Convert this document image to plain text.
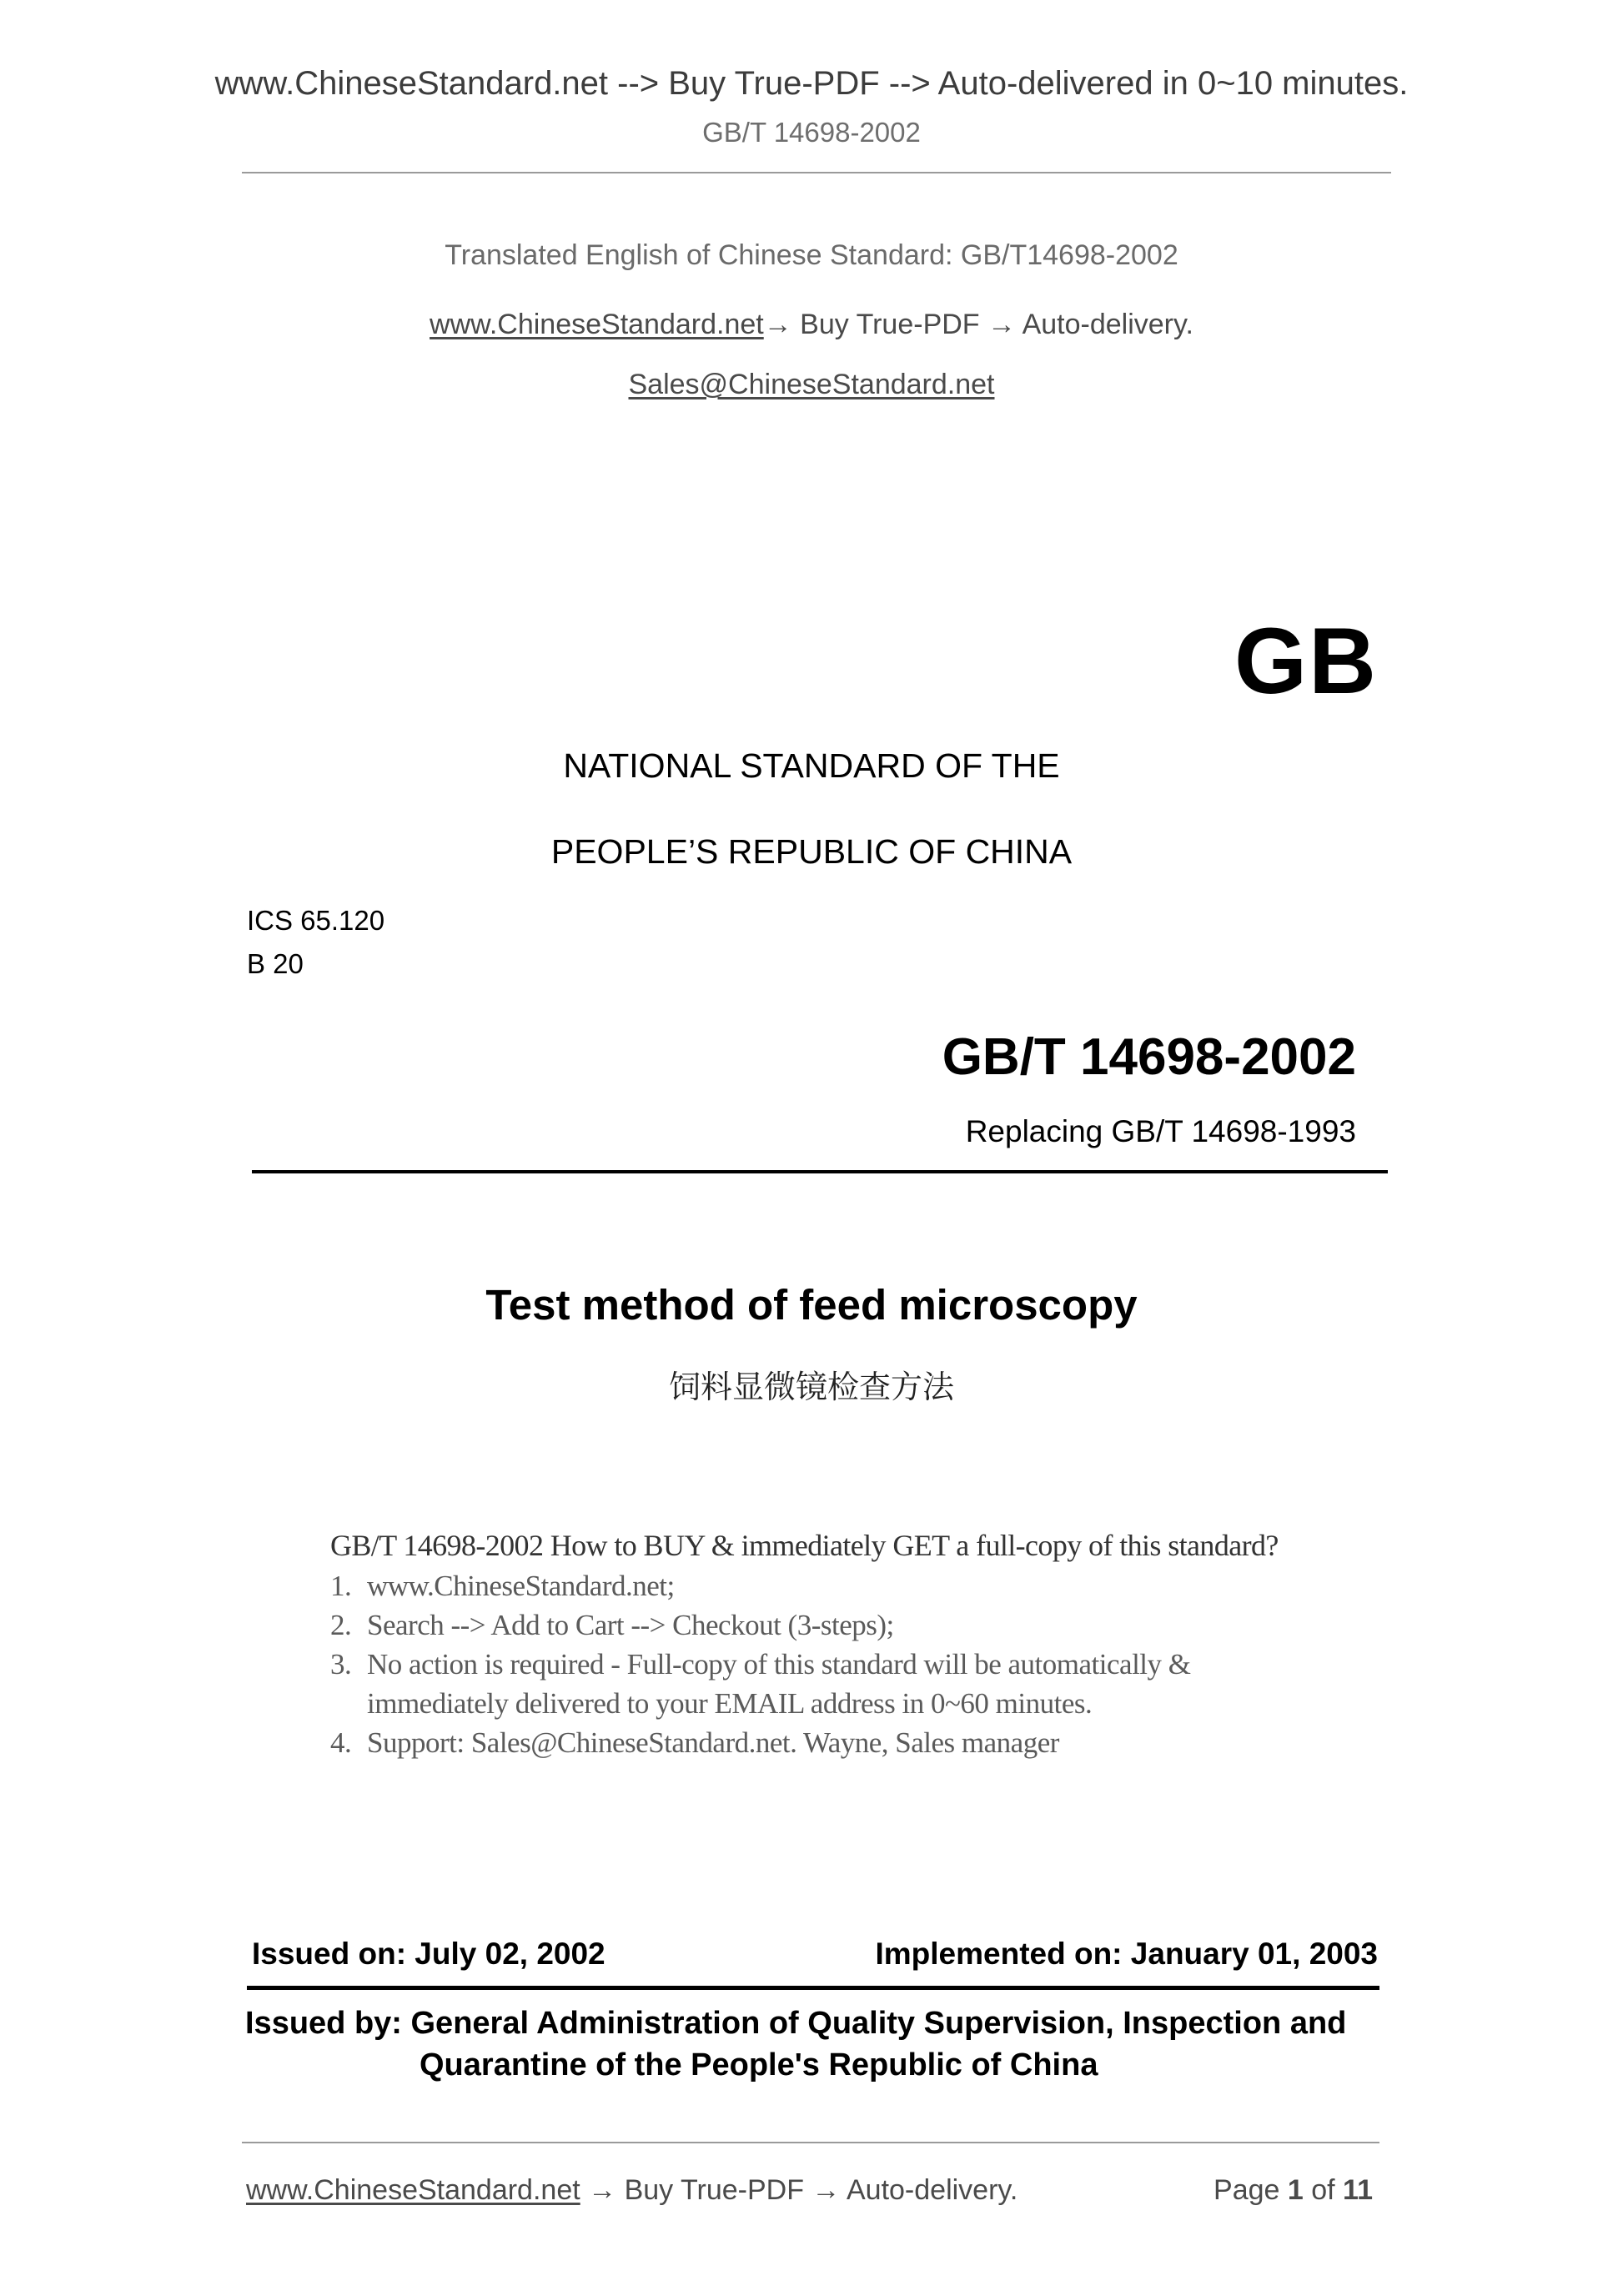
www.ChineseStandard.net --> Buy True-PDF --> Auto-delivered in 0~10 minutes.
GB/T 14698-2002
Translated English of Chinese Standard: GB/T14698-2002
www.ChineseStandard.net→ Buy True-PDF → Auto-delivery.
Sales@ChineseStandard.net
GB
NATIONAL STANDARD OF THE
PEOPLE’S REPUBLIC OF CHINA
ICS 65.120
B 20
GB/T 14698-2002
Replacing GB/T 14698-1993
Test method of feed microscopy
饲料显微镜检查方法
GB/T 14698-2002 How to BUY & immediately GET a full-copy of this standard?
1. www.ChineseStandard.net;
2. Search --> Add to Cart --> Checkout (3-steps);
3. No action is required - Full-copy of this standard will be automatically & immediately delivered to your EMAIL address in 0~60 minutes.
4. Support: Sales@ChineseStandard.net. Wayne, Sales manager
Issued on: July 02, 2002	Implemented on: January 01, 2003
Issued by: General Administration of Quality Supervision, Inspection and
Quarantine of the People's Republic of China
www.ChineseStandard.net → Buy True-PDF → Auto-delivery.	Page 1 of 11
